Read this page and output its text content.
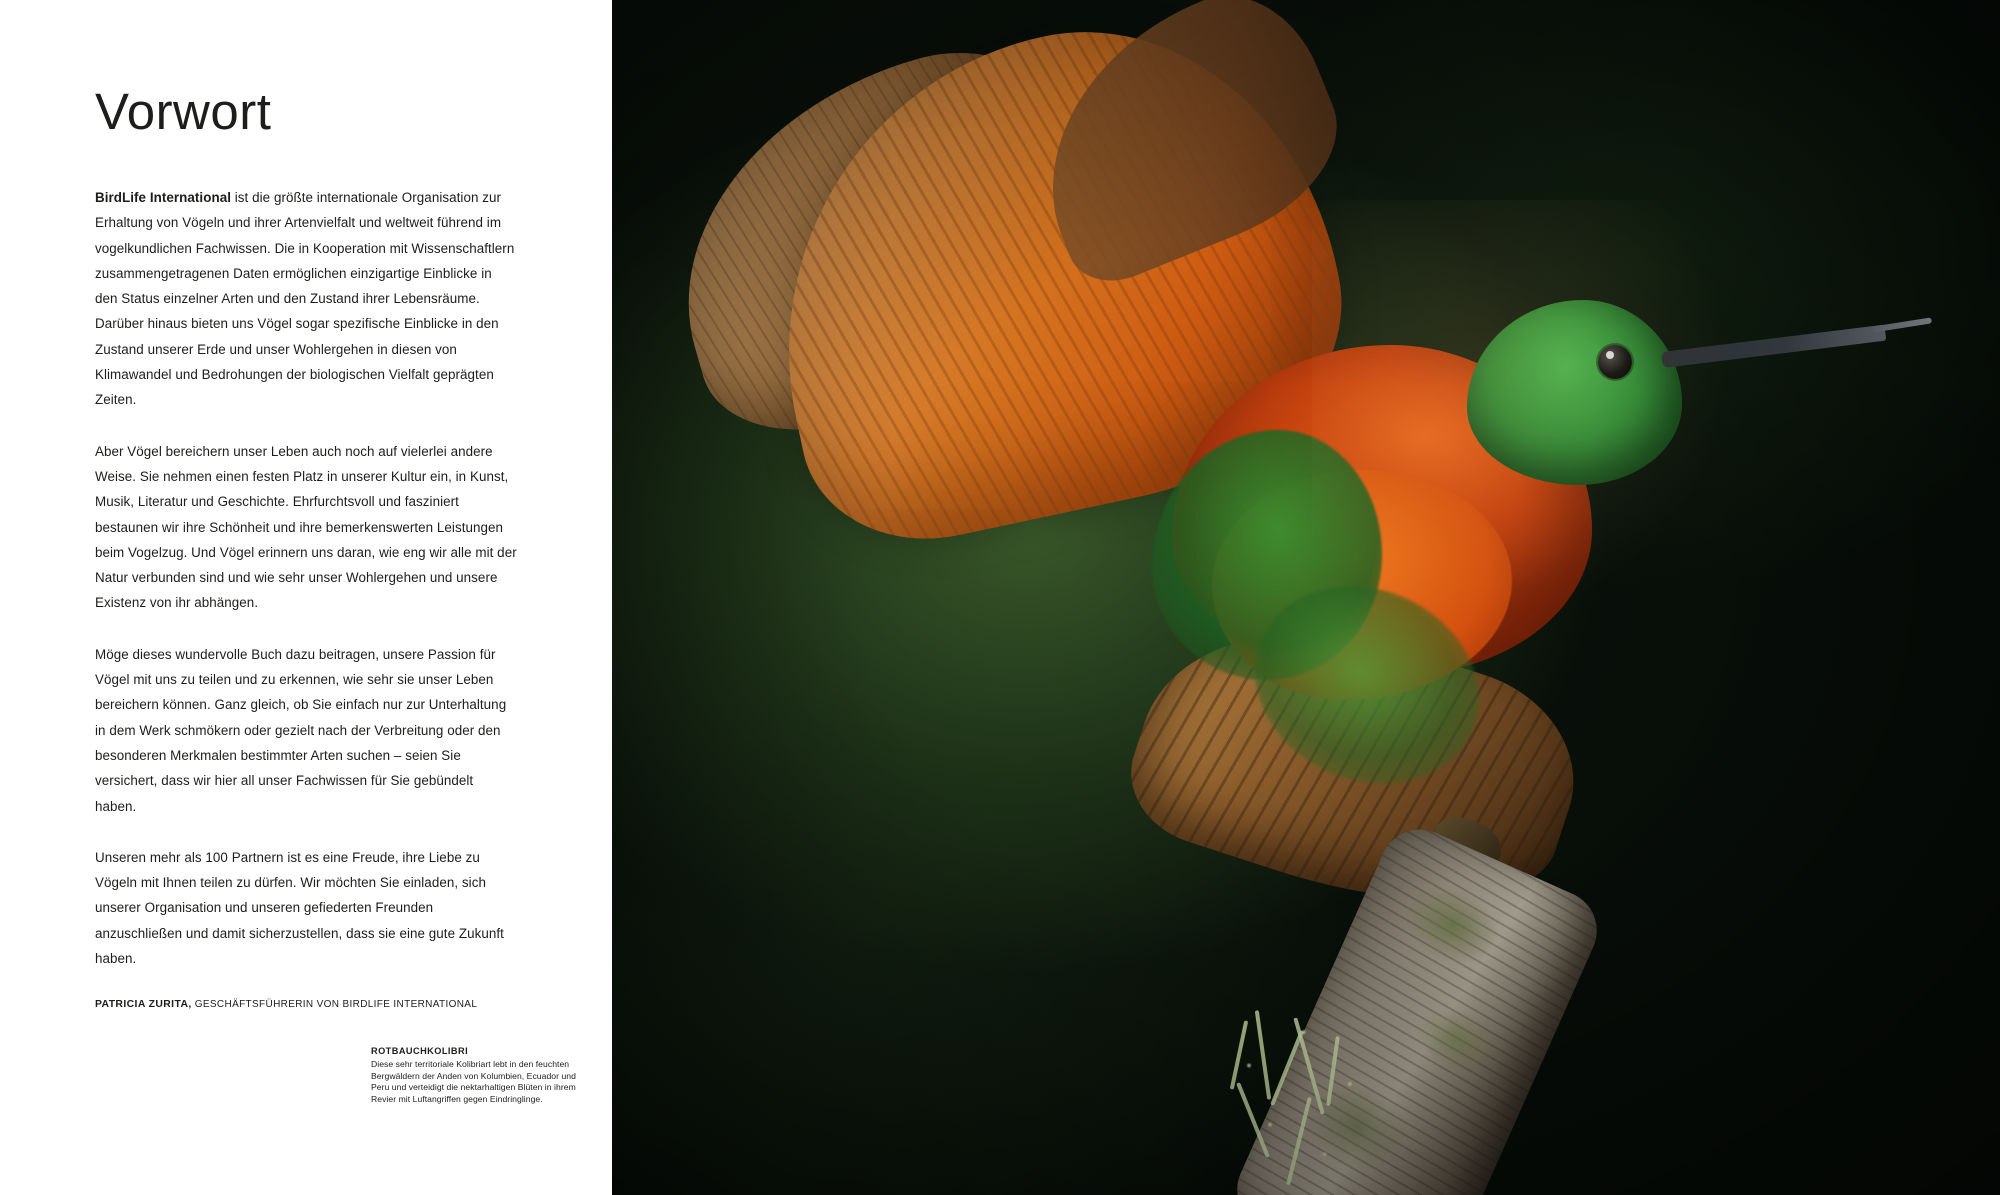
Vorwort

BirdLife International ist die größte internationale Organisation zur Erhaltung von Vögeln und ihrer Artenvielfalt und weltweit führend im vogelkundlichen Fachwissen. Die in Kooperation mit Wissenschaftlern zusammengetragenen Daten ermöglichen einzigartige Einblicke in den Status einzelner Arten und den Zustand ihrer Lebensräume. Darüber hinaus bieten uns Vögel sogar spezifische Einblicke in den Zustand unserer Erde und unser Wohlergehen in diesen von Klimawandel und Bedrohungen der biologischen Vielfalt geprägten Zeiten.

Aber Vögel bereichern unser Leben auch noch auf vielerlei andere Weise. Sie nehmen einen festen Platz in unserer Kultur ein, in Kunst, Musik, Literatur und Geschichte. Ehrfurchtsvoll und fasziniert bestaunen wir ihre Schönheit und ihre bemerkenswerten Leistungen beim Vogelzug. Und Vögel erinnern uns daran, wie eng wir alle mit der Natur verbunden sind und wie sehr unser Wohlergehen und unsere Existenz von ihr abhängen.

Möge dieses wundervolle Buch dazu beitragen, unsere Passion für Vögel mit uns zu teilen und zu erkennen, wie sehr sie unser Leben bereichern können. Ganz gleich, ob Sie einfach nur zur Unterhaltung in dem Werk schmökern oder gezielt nach der Verbreitung oder den besonderen Merkmalen bestimmter Arten suchen – seien Sie versichert, dass wir hier all unser Fachwissen für Sie gebündelt haben.

Unseren mehr als 100 Partnern ist es eine Freude, ihre Liebe zu Vögeln mit Ihnen teilen zu dürfen. Wir möchten Sie einladen, sich unserer Organisation und unseren gefiederten Freunden anzuschließen und damit sicherzustellen, dass sie eine gute Zukunft haben.

PATRICIA ZURITA, GESCHÄFTSFÜHRERIN VON BIRDLIFE INTERNATIONAL
ROTBAUCHKOLIBRI
Diese sehr territoriale Kolibriart lebt in den feuchten Bergwäldern der Anden von Kolumbien, Ecuador und Peru und verteidigt die nektarhaltigen Blüten in ihrem Revier mit Luftangriffen gegen Eindringlinge.
